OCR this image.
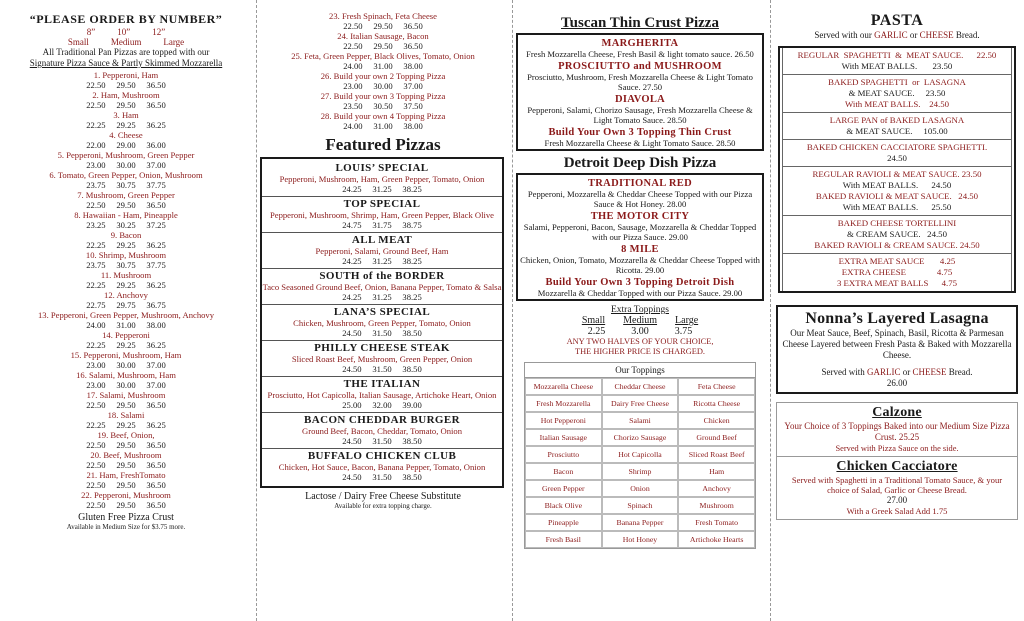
“PLEASE ORDER BY NUMBER”
8” 10” 12”
Small Medium Large
All Traditional Pan Pizzas are topped with our
Signature Pizza Sauce & Partly Skimmed Mozzarella
1. Pepperoni, Ham
22.50     29.50     36.50
2. Ham, Mushroom
22.50     29.50     36.50
3. Ham
22.25     29.25     36.25
4. Cheese
22.00     29.00     36.00
5. Pepperoni, Mushroom, Green Pepper
23.00     30.00     37.00
6. Tomato, Green Pepper, Onion, Mushroom
23.75     30.75     37.75
7. Mushroom, Green Pepper
22.50     29.50     36.50
8. Hawaiian - Ham, Pineapple
23.25     30.25     37.25
9. Bacon
22.25     29.25     36.25
10. Shrimp, Mushroom
23.75     30.75     37.75
11. Mushroom
22.25     29.25     36.25
12. Anchovy
22.75     29.75     36.75
13. Pepperoni, Green Pepper, Mushroom, Anchovy
24.00     31.00     38.00
14. Pepperoni
22.25     29.25     36.25
15. Pepperoni, Mushroom, Ham
23.00     30.00     37.00
16. Salami, Mushroom, Ham
23.00     30.00     37.00
17. Salami, Mushroom
22.50     29.50     36.50
18. Salami
22.25     29.25     36.25
19. Beef, Onion,
22.50     29.50     36.50
20. Beef, Mushroom
22.50     29.50     36.50
21. Ham, FreshTomato
22.50     29.50     36.50
22. Pepperoni, Mushroom
22.50     29.50     36.50
Gluten Free Pizza Crust
Available in Medium Size for $3.75 more.
23. Fresh Spinach, Feta Cheese
22.50     29.50     36.50
24. Italian Sausage, Bacon
22.50     29.50     36.50
25. Feta, Green Pepper, Black Olives, Tomato, Onion
24.00     31.00     38.00
26. Build your own 2 Topping Pizza
23.00     30.00     37.00
27. Build your own 3 Topping Pizza
23.50     30.50     37.50
28. Build your own 4 Topping Pizza
24.00     31.00     38.00
Featured Pizzas
LOUIS’ SPECIAL
Pepperoni, Mushroom, Ham, Green Pepper, Tomato, Onion
24.25     31.25     38.25
TOP SPECIAL
Pepperoni, Mushroom, Shrimp, Ham, Green Pepper, Black Olive
24.75     31.75     38.75
ALL MEAT
Pepperoni, Salami, Ground Beef, Ham
24.25     31.25     38.25
SOUTH of the BORDER
Taco Seasoned Ground Beef, Onion, Banana Pepper, Tomato & Salsa
24.25     31.25     38.25
LANA’S SPECIAL
Chicken, Mushroom, Green Pepper, Tomato, Onion
24.50     31.50     38.50
PHILLY CHEESE STEAK
Sliced Roast Beef, Mushroom, Green Pepper, Onion
24.50     31.50     38.50
THE ITALIAN
Prosciutto, Hot Capicolla, Italian Sausage, Artichoke Heart, Onion
25.00     32.00     39.00
BACON CHEDDAR BURGER
Ground Beef, Bacon, Cheddar, Tomato, Onion
24.50     31.50     38.50
BUFFALO CHICKEN CLUB
Chicken, Hot Sauce, Bacon, Banana Pepper, Tomato, Onion
24.50     31.50     38.50
Lactose / Dairy Free Cheese Substitute
Available for extra topping charge.
Tuscan Thin Crust Pizza
MARGHERITA
Fresh Mozzarella Cheese, Fresh Basil & light tomato sauce. 26.50
PROSCIUTTO and MUSHROOM
Prosciutto, Mushroom, Fresh Mozzarella Cheese & Light Tomato Sauce. 27.50
DIAVOLA
Pepperoni, Salami, Chorizo Sausage, Fresh Mozzarella Cheese & Light Tomato Sauce. 28.50
Build Your Own 3 Topping Thin Crust
Fresh Mozzarella Cheese & Light Tomato Sauce. 28.50
Detroit Deep Dish Pizza
TRADITIONAL RED
Pepperoni, Mozzarella & Cheddar Cheese Topped with our Pizza Sauce & Hot Honey. 28.00
THE MOTOR CITY
Salami, Pepperoni, Bacon, Sausage, Mozzarella & Cheddar Topped with our Pizza Sauce. 29.00
8 MILE
Chicken, Onion, Tomato, Mozzarella & Cheddar Cheese Topped with Ricotta. 29.00
Build Your Own 3 Topping Detroit Dish
Mozzarella & Cheddar Topped with our Pizza Sauce. 29.00
Extra Toppings
Small Medium Large
2.25	3.00	3.75
ANY TWO HALVES OF YOUR CHOICE,
THE HIGHER PRICE IS CHARGED.
Our Toppings
Mozzarella Cheese	Cheddar Cheese	Feta Cheese
Fresh Mozzarella	Dairy Free Cheese	Ricotta Cheese
Hot Pepperoni	Salami	Chicken
Italian Sausage	Chorizo Sausage	Ground Beef
Prosciutto	Hot Capicolla	Sliced Roast Beef
Bacon	Shrimp	Ham
Green Pepper	Onion	Anchovy
Black Olive	Spinach	Mushroom
Pineapple	Banana Pepper	Fresh Tomato
Fresh Basil	Hot Honey	Artichoke Hearts
PASTA
Served with our GARLIC or CHEESE Bread.
REGULAR  SPAGHETTI  &  MEAT SAUCE.      22.50
With MEAT BALLS.       23.50
BAKED SPAGHETTI  or  LASAGNA
& MEAT SAUCE.     23.50
With MEAT BALLS.    24.50
LARGE PAN of BAKED LASAGNA
& MEAT SAUCE.     105.00
BAKED CHICKEN CACCIATORE SPAGHETTI.
24.50
REGULAR RAVIOLI & MEAT SAUCE. 23.50
With MEAT BALLS.      24.50
BAKED RAVIOLI & MEAT SAUCE.   24.50
With MEAT BALLS.      25.50
BAKED CHEESE TORTELLINI
& CREAM SAUCE.   24.50
BAKED RAVIOLI & CREAM SAUCE. 24.50
EXTRA MEAT SAUCE       4.25
EXTRA CHEESE              4.75
3 EXTRA MEAT BALLS      4.75
Nonna’s Layered Lasagna
Our Meat Sauce, Beef, Spinach, Basil, Ricotta & Parmesan Cheese Layered between Fresh Pasta & Baked with Mozzarella Cheese.
Served with GARLIC or CHEESE Bread.
26.00
Calzone
Your Choice of 3 Toppings Baked into our Medium Size Pizza Crust. 25.25
Served with Pizza Sauce on the side.
Chicken Cacciatore
Served with Spaghetti in a Traditional Tomato Sauce, & your choice of Salad, Garlic or Cheese Bread.
27.00
With a Greek Salad Add 1.75
